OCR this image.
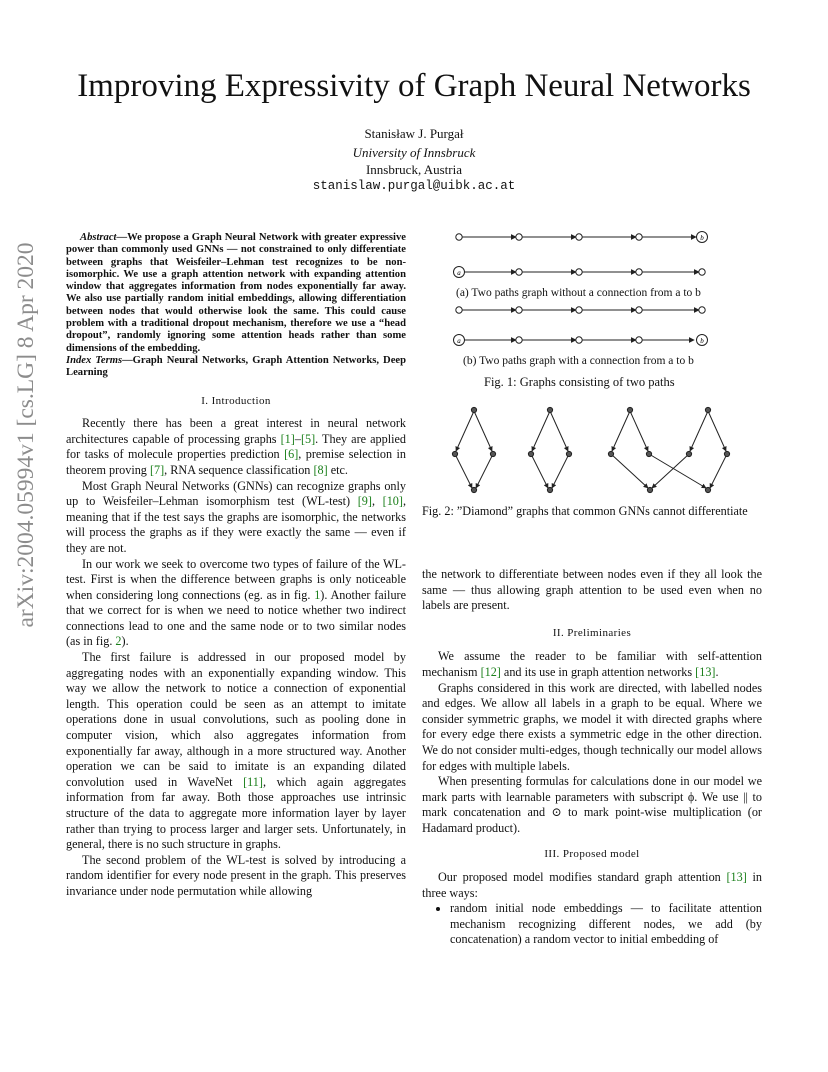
Improving Expressivity of Graph Neural Networks
Stanisław J. Purgał
University of Innsbruck
Innsbruck, Austria
stanislaw.purgal@uibk.ac.at
arXiv:2004.05994v1 [cs.LG] 8 Apr 2020
Abstract—We propose a Graph Neural Network with greater expressive power than commonly used GNNs — not constrained to only differentiate between graphs that Weisfeiler–Lehman test recognizes to be non-isomorphic. We use a graph attention network with expanding attention window that aggregates information from nodes exponentially far away. We also use partially random initial embeddings, allowing differentiation between nodes that would otherwise look the same. This could cause problem with a traditional dropout mechanism, therefore we use a “head dropout”, randomly ignoring some attention heads rather than some dimensions of the embedding.
Index Terms—Graph Neural Networks, Graph Attention Networks, Deep Learning

I. Introduction

Recently there has been a great interest in neural network architectures capable of processing graphs [1]–[5]. They are applied for tasks of molecule properties prediction [6], premise selection in theorem proving [7], RNA sequence classification [8] etc.

Most Graph Neural Networks (GNNs) can recognize graphs only up to Weisfeiler–Lehman isomorphism test (WL-test) [9], [10], meaning that if the test says the graphs are isomorphic, the networks will process the graphs as if they were exactly the same — even if they are not.

In our work we seek to overcome two types of failure of the WL-test. First is when the difference between graphs is only noticeable when considering long connections (eg. as in fig. 1). Another failure that we correct for is when we need to notice whether two indirect connections lead to one and the same node or to two similar nodes (as in fig. 2).

The first failure is addressed in our proposed model by aggregating nodes with an exponentially expanding window. This way we allow the network to notice a connection of exponential length. This operation could be seen as an attempt to imitate operations done in usual convolutions, such as pooling done in computer vision, which also aggregates information from exponentially far away, although in a more structured way. Another operation we can be said to imitate is an expanding dilated convolution used in WaveNet [11], which again aggregates information from far away. Both those approaches use intrinsic structure of the data to aggregate more information layer by layer rather than trying to process larger and larger sets. Unfortunately, in general, there is no such structure in graphs.

The second problem of the WL-test is solved by introducing a random identifier for every node present in the graph. This preserves invariance under node permutation while allowing

b
a
a	b
(a) Two paths graph without a connection from a to b
(b) Two paths graph with a connection from a to b
Fig. 1: Graphs consisting of two paths
Fig. 2: ”Diamond” graphs that common GNNs cannot differentiate

the network to differentiate between nodes even if they all look the same — thus allowing graph attention to be used even when no labels are present.

II. Preliminaries

We assume the reader to be familiar with self-attention mechanism [12] and its use in graph attention networks [13].

Graphs considered in this work are directed, with labelled nodes and edges. We allow all labels in a graph to be equal. Where we consider symmetric graphs, we model it with directed graphs where for every edge there exists a symmetric edge in the other direction. We do not consider multi-edges, though technically our model allows for edges with multiple labels.

When presenting formulas for calculations done in our model we mark parts with learnable parameters with subscript ϕ. We use || to mark concatenation and ⊙ to mark point-wise multiplication (or Hadamard product).

III. Proposed model

Our proposed model modifies standard graph attention [13] in three ways:

• random initial node embeddings — to facilitate attention mechanism recognizing different nodes, we add (by concatenation) a random vector to initial embedding of
